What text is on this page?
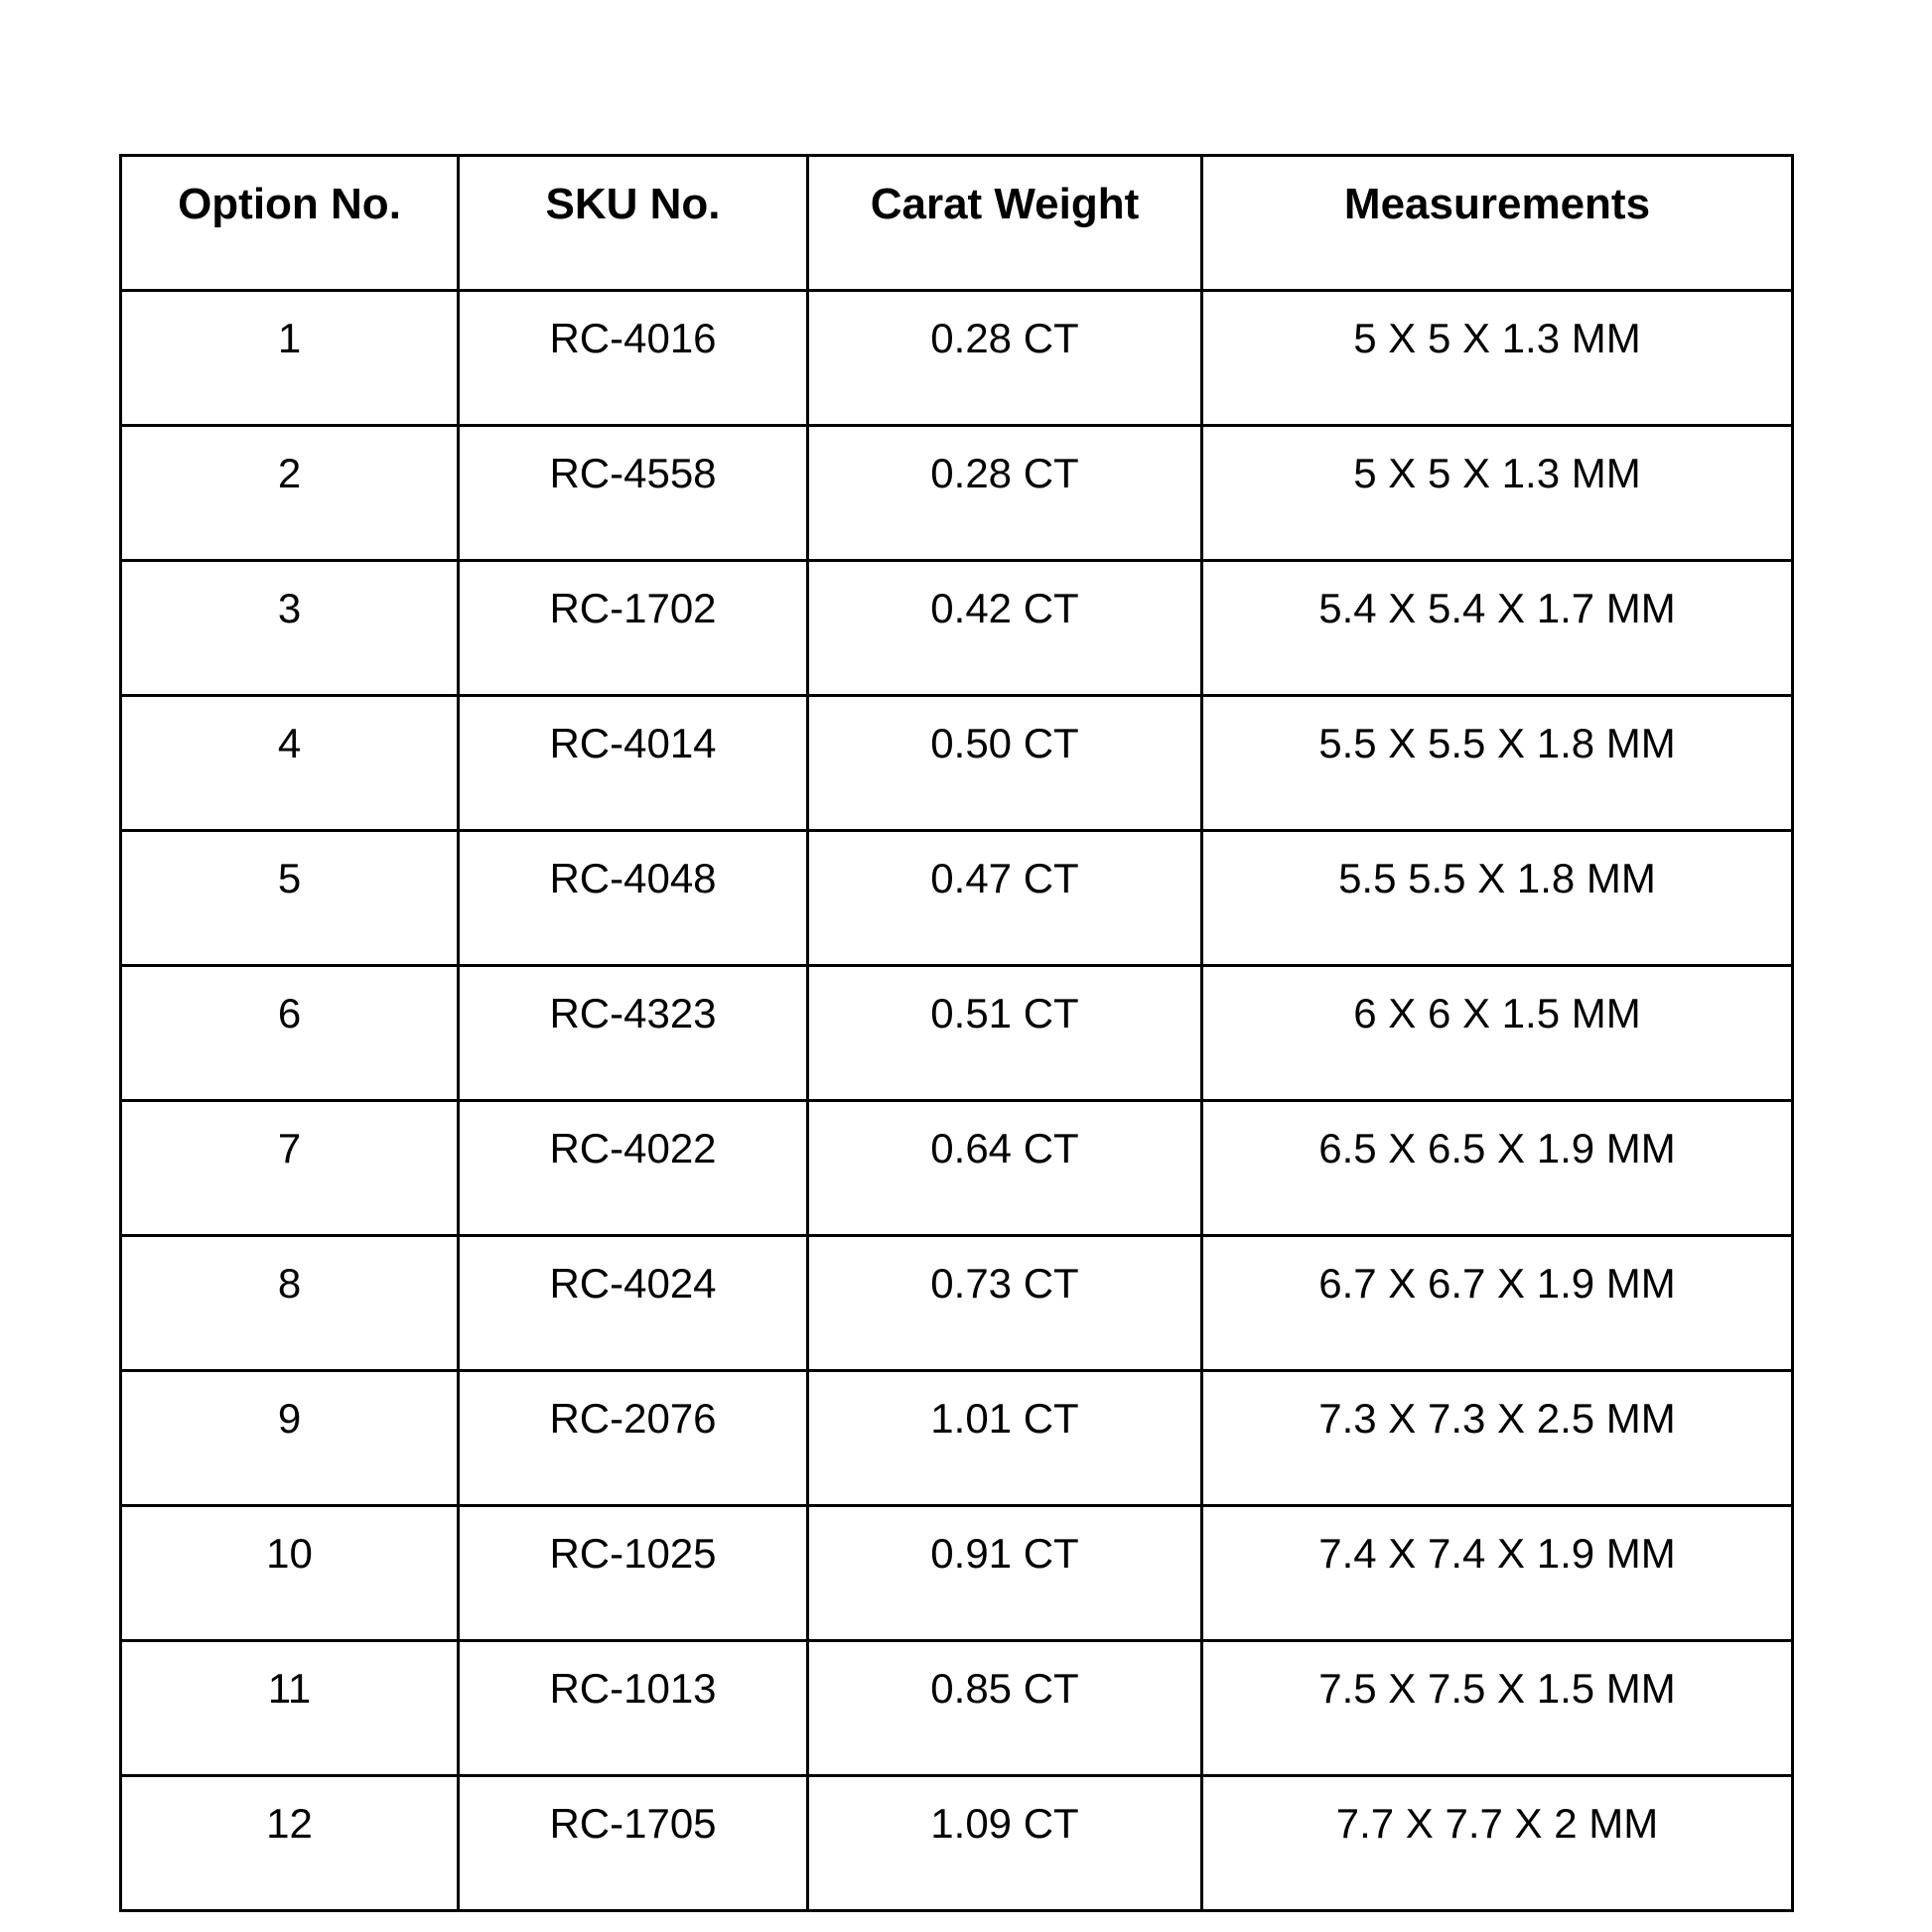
Option No.	SKU No.	Carat Weight	Measurements

1	RC-4016	0.28 CT	5 X 5 X 1.3 MM

2	RC-4558	0.28 CT	5 X 5 X 1.3 MM

3	RC-1702	0.42 CT	5.4 X 5.4 X 1.7 MM

4	RC-4014	0.50 CT	5.5 X 5.5 X 1.8 MM

5	RC-4048	0.47 CT	5.5 5.5 X 1.8 MM

6	RC-4323	0.51 CT	6 X 6 X 1.5 MM

7	RC-4022	0.64 CT	6.5 X 6.5 X 1.9 MM

8	RC-4024	0.73 CT	6.7 X 6.7 X 1.9 MM

9	RC-2076	1.01 CT	7.3 X 7.3 X 2.5 MM

10	RC-1025	0.91 CT	7.4 X 7.4 X 1.9 MM

11	RC-1013	0.85 CT	7.5 X 7.5 X 1.5 MM

12	RC-1705	1.09 CT	7.7 X 7.7 X 2 MM
